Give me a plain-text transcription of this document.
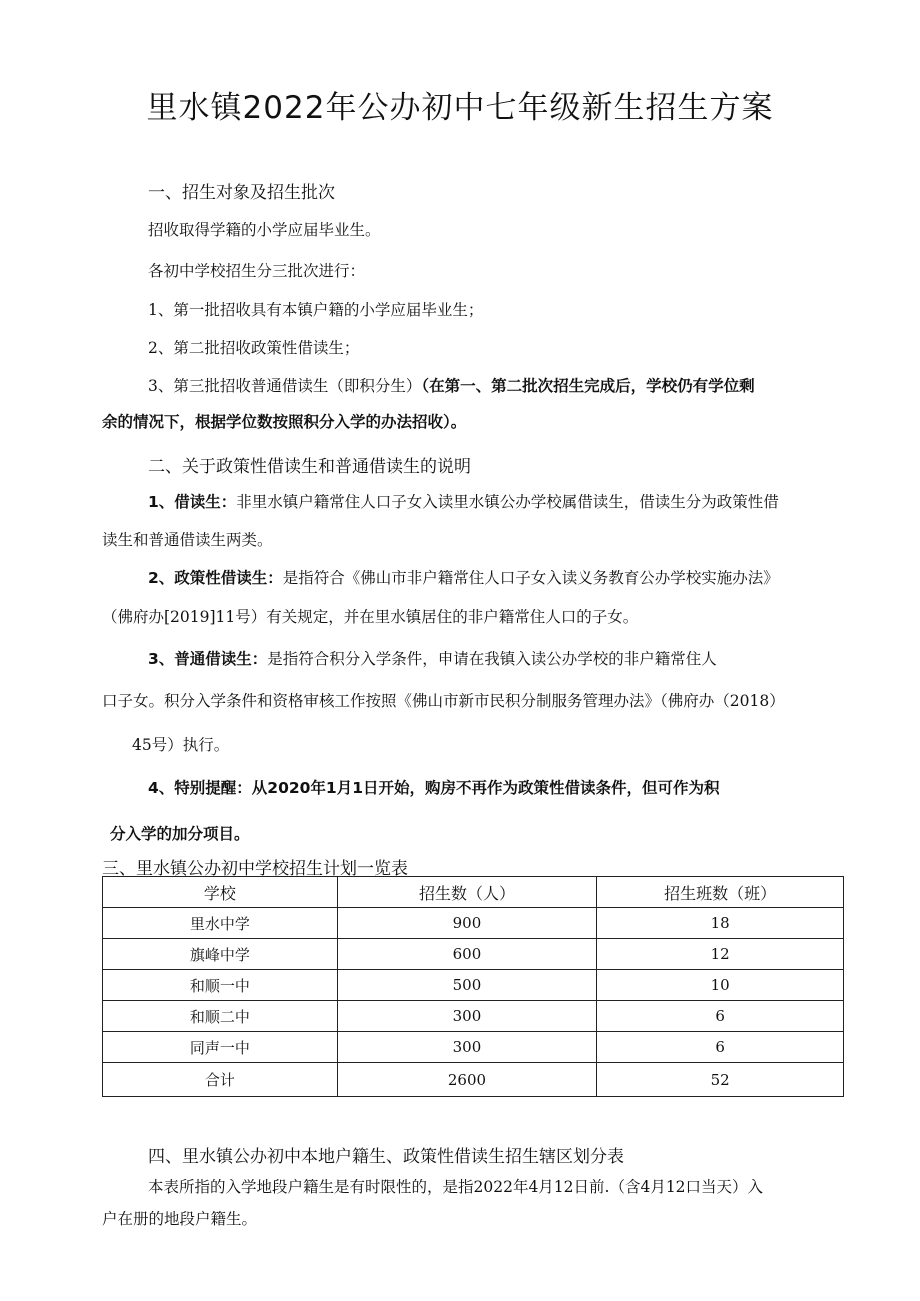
里水镇2022年公办初中七年级新生招生方案
一、招生对象及招生批次
招收取得学籍的小学应届毕业生。
各初中学校招生分三批次进行：
1、第一批招收具有本镇户籍的小学应届毕业生；
2、第二批招收政策性借读生；
3、第三批招收普通借读生（即积分生）（在第一、第二批次招生完成后，学校仍有学位剩
余的情况下，根据学位数按照积分入学的办法招收）。
二、关于政策性借读生和普通借读生的说明
1、借读生：非里水镇户籍常住人口子女入读里水镇公办学校属借读生，借读生分为政策性借
读生和普通借读生两类。
2、政策性借读生：是指符合《佛山市非户籍常住人口子女入读义务教育公办学校实施办法》
（佛府办[2019]11号）有关规定，并在里水镇居住的非户籍常住人口的子女。
3、普通借读生：是指符合积分入学条件，申请在我镇入读公办学校的非户籍常住人
口子女。积分入学条件和资格审核工作按照《佛山市新市民积分制服务管理办法》（佛府办（2018）
45号）执行。
4、特别提醒：从2020年1月1日开始，购房不再作为政策性借读条件，但可作为积
分入学的加分项目。
三、里水镇公办初中学校招生计划一览表
学校	招生数（人）	招生班数（班）
里水中学	900	18
旗峰中学	600	12
和顺一中	500	10
和顺二中	300	6
同声一中	300	6
合计	2600	52
四、里水镇公办初中本地户籍生、政策性借读生招生辖区划分表
本表所指的入学地段户籍生是有时限性的，是指2022年4月12日前.（含4月12口当天）入
户在册的地段户籍生。
